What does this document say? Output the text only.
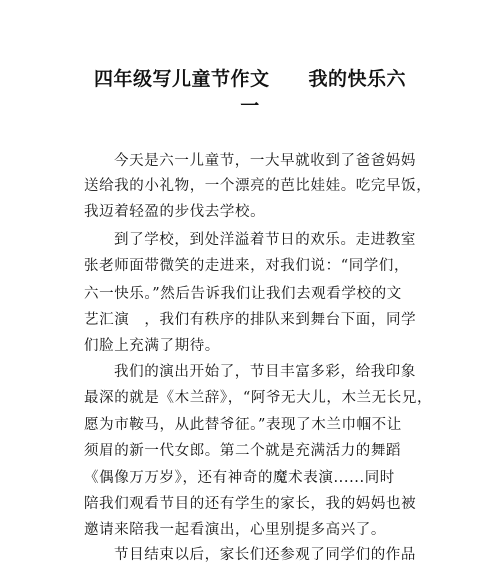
四年级写儿童节作文　　我的快乐六
一
今天是六一儿童节，一大早就收到了爸爸妈妈
送给我的小礼物，一个漂亮的芭比娃娃。吃完早饭，
我迈着轻盈的步伐去学校。
到了学校，到处洋溢着节日的欢乐。走进教室
张老师面带微笑的走进来，对我们说：“同学们，
六一快乐。”然后告诉我们让我们去观看学校的文
艺汇演　，我们有秩序的排队来到舞台下面，同学
们脸上充满了期待。
我们的演出开始了，节目丰富多彩，给我印象
最深的就是《木兰辞》，“阿爷无大儿，木兰无长兄，
愿为市鞍马，从此替爷征。”表现了木兰巾帼不让
须眉的新一代女郎。第二个就是充满活力的舞蹈
《偶像万万岁》，还有神奇的魔术表演......同时
陪我们观看节目的还有学生的家长，我的妈妈也被
邀请来陪我一起看演出，心里别提多高兴了。
节目结束以后，家长们还参观了同学们的作品
